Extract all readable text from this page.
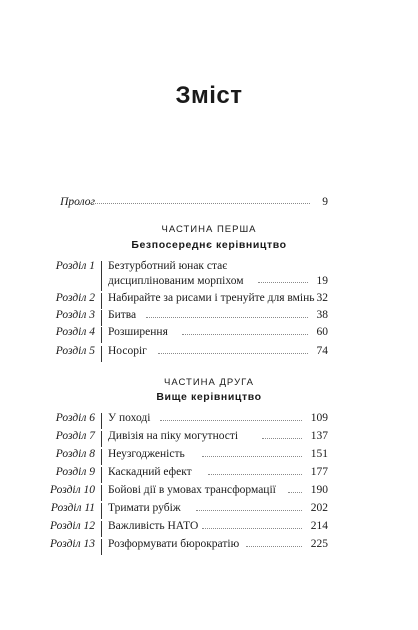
Зміст
Пролог	9
ЧАСТИНА ПЕРША
Безпосереднє керівництво
Розділ 1 Безтурботний юнак стає
дисциплінованим морпіхом	19
Розділ 2 Набирайте за рисами і тренуйте для вмінь 32
Розділ 3 Битва	38
Розділ 4 Розширення	60
Розділ 5 Носоріг	74
ЧАСТИНА ДРУГА
Вище керівництво
Розділ 6 У поході	109
Розділ 7 Дивізія на піку могутності	137
Розділ 8 Неузгодженість	151
Розділ 9 Каскадний ефект	177
Розділ 10 Бойові дії в умовах трансформації	190
Розділ 11 Тримати рубіж	202
Розділ 12 Важливість НАТО	214
Розділ 13 Розформувати бюрократію	225
